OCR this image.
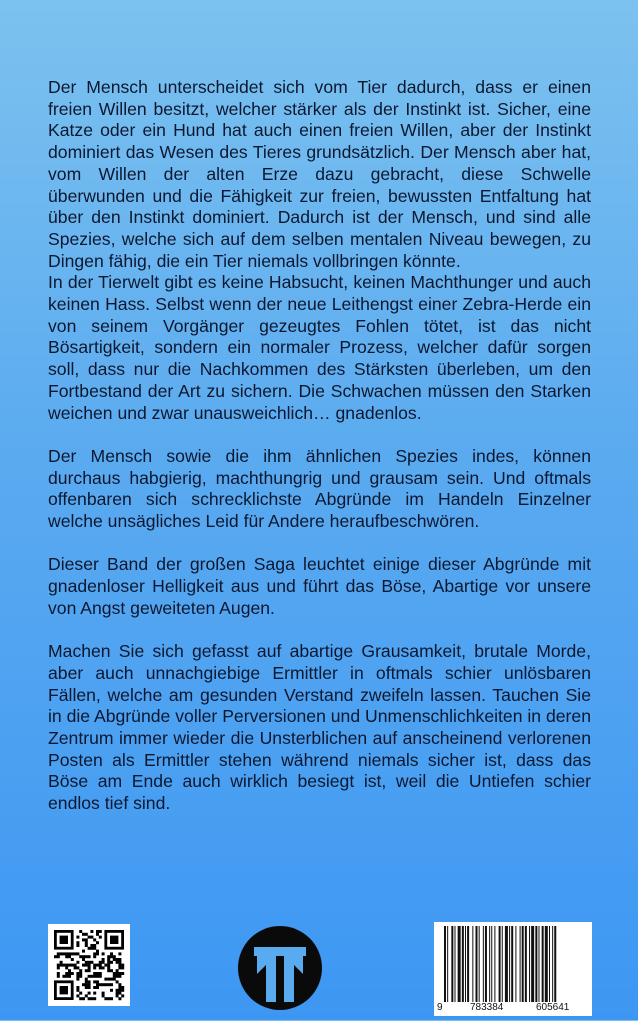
Der Mensch unterscheidet sich vom Tier dadurch, dass er einen freien Willen besitzt, welcher stärker als der Instinkt ist. Sicher, eine Katze oder ein Hund hat auch einen freien Willen, aber der Instinkt dominiert das Wesen des Tieres grundsätzlich. Der Mensch aber hat, vom Willen der alten Erze dazu gebracht, diese Schwelle überwunden und die Fähigkeit zur freien, bewussten Entfaltung hat über den Instinkt dominiert. Dadurch ist der Mensch, und sind alle Spezies, welche sich auf dem selben mentalen Niveau bewegen, zu Dingen fähig, die ein Tier niemals vollbringen könnte.

In der Tierwelt gibt es keine Habsucht, keinen Machthunger und auch keinen Hass. Selbst wenn der neue Leithengst einer Zebra-Herde ein von seinem Vorgänger gezeugtes Fohlen tötet, ist das nicht Bösartigkeit, sondern ein normaler Prozess, welcher dafür sorgen soll, dass nur die Nachkommen des Stärksten überleben, um den Fortbestand der Art zu sichern. Die Schwachen müssen den Starken weichen und zwar unausweichlich… gnadenlos.

Der Mensch sowie die ihm ähnlichen Spezies indes, können durchaus habgierig, machthungrig und grausam sein. Und oftmals offenbaren sich schrecklichste Abgründe im Handeln Einzelner welche unsägliches Leid für Andere heraufbeschwören.

Dieser Band der großen Saga leuchtet einige dieser Abgründe mit gnadenloser Helligkeit aus und führt das Böse, Abartige vor unsere von Angst geweiteten Augen.

Machen Sie sich gefasst auf abartige Grausamkeit, brutale Morde, aber auch unnachgiebige Ermittler in oftmals schier unlösbaren Fällen, welche am gesunden Verstand zweifeln lassen. Tauchen Sie in die Abgründe voller Perversionen und Unmenschlichkeiten in deren Zentrum immer wieder die Unsterblichen auf anscheinend verlorenen Posten als Ermittler stehen während niemals sicher ist, dass das Böse am Ende auch wirklich besiegt ist, weil die Untiefen schier endlos tief sind.

9	783384	605641
